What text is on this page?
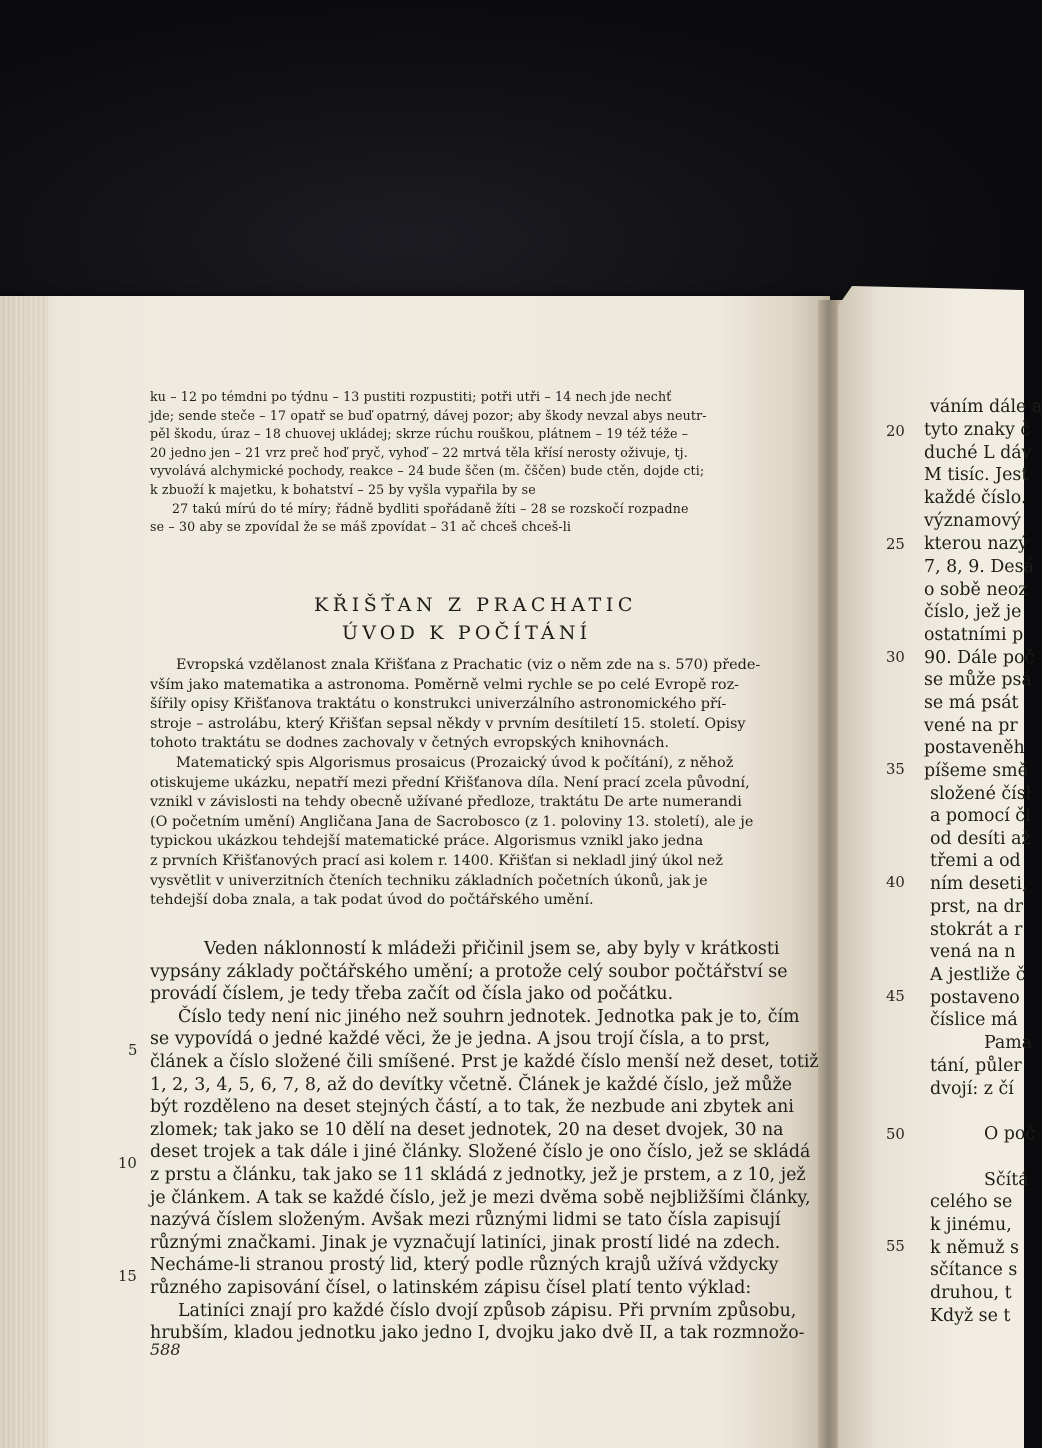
ku – 12 po témdni po týdnu – 13 pustiti rozpustiti; potři utři – 14 nech jde nechť
jde; sende steče – 17 opatř se buď opatrný, dávej pozor; aby škody nevzal abys neutr-
pěl škodu, úraz – 18 chuovej ukládej; skrze rúchu rouškou, plátnem – 19 též téže –
20 jedno jen – 21 vrz preč hoď pryč, vyhoď – 22 mrtvá těla křísí nerosty oživuje, tj.
vyvolává alchymické pochody, reakce – 24 bude ščen (m. čščen) bude ctěn, dojde cti;
k zbuoží k majetku, k bohatství – 25 by vyšla vypařila by se
27 takú mírú do té míry; řádně bydliti spořádaně žíti – 28 se rozskočí rozpadne
se – 30 aby se zpovídal že se máš zpovídat – 31 ač chceš chceš-li
KŘIŠŤAN Z PRACHATIC
ÚVOD K POČÍTÁNÍ
Evropská vzdělanost znala Křišťana z Prachatic (viz o něm zde na s. 570) přede-
vším jako matematika a astronoma. Poměrně velmi rychle se po celé Evropě roz-
šířily opisy Křišťanova traktátu o konstrukci univerzálního astronomického pří-
stroje – astrolábu, který Křišťan sepsal někdy v prvním desítiletí 15. století. Opisy
tohoto traktátu se dodnes zachovaly v četných evropských knihovnách.
Matematický spis Algorismus prosaicus (Prozaický úvod k počítání), z něhož
otiskujeme ukázku, nepatří mezi přední Křišťanova díla. Není prací zcela původní,
vznikl v závislosti na tehdy obecně užívané předloze, traktátu De arte numerandi
(O početním umění) Angličana Jana de Sacrobosco (z 1. poloviny 13. století), ale je
typickou ukázkou tehdejší matematické práce. Algorismus vznikl jako jedna
z prvních Křišťanových prací asi kolem r. 1400. Křišťan si nekladl jiný úkol než
vysvětlit v univerzitních čteních techniku základních početních úkonů, jak je
tehdejší doba znala, a tak podat úvod do počtářského umění.
Veden náklonností k mládeži přičinil jsem se, aby byly v krátkosti
vypsány základy počtářského umění; a protože celý soubor počtářství se
provádí číslem, je tedy třeba začít od čísla jako od počátku.
Číslo tedy není nic jiného než souhrn jednotek. Jednotka pak je to, čím
se vypovídá o jedné každé věci, že je jedna. A jsou trojí čísla, a to prst,
článek a číslo složené čili smíšené. Prst je každé číslo menší než deset, totiž
1, 2, 3, 4, 5, 6, 7, 8, až do devítky včetně. Článek je každé číslo, jež může
být rozděleno na deset stejných částí, a to tak, že nezbude ani zbytek ani
zlomek; tak jako se 10 dělí na deset jednotek, 20 na deset dvojek, 30 na
deset trojek a tak dále i jiné články. Složené číslo je ono číslo, jež se skládá
z prstu a článku, tak jako se 11 skládá z jednotky, jež je prstem, a z 10, jež
je článkem. A tak se každé číslo, jež je mezi dvěma sobě nejbližšími články,
nazývá číslem složeným. Avšak mezi různými lidmi se tato čísla zapisují
různými značkami. Jinak je vyznačují latiníci, jinak prostí lidé na zdech.
Necháme-li stranou prostý lid, který podle různých krajů užívá vždycky
různého zapisování čísel, o latinském zápisu čísel platí tento výklad:
Latiníci znají pro každé číslo dvojí způsob zápisu. Při prvním způsobu,
hrubším, kladou jednotku jako jedno I, dvojku jako dvě II, a tak rozmnožo-
5
10
15
588
váním dále a
tyto znaky č
duché L dáv
M tisíc. Jest
každé číslo.
významový
kterou nazý
7, 8, 9. Desá
o sobě neoz
číslo, jež je
ostatními p
90. Dále poč
se může psá
se má psát
vené na pr
postaveněh
píšeme smě
složené čísl
a pomocí čl
od desíti až
třemi a od
ním deseti,
prst, na dr
stokrát a r
vená na n
A jestliže č
postaveno
číslice má
Pama
tání, půler
dvojí: z čí
O poč
Sčítá
celého se
k jinému,
k němuž s
sčítance s
druhou, t
Když se t
20
25
30
35
40
45
50
55
